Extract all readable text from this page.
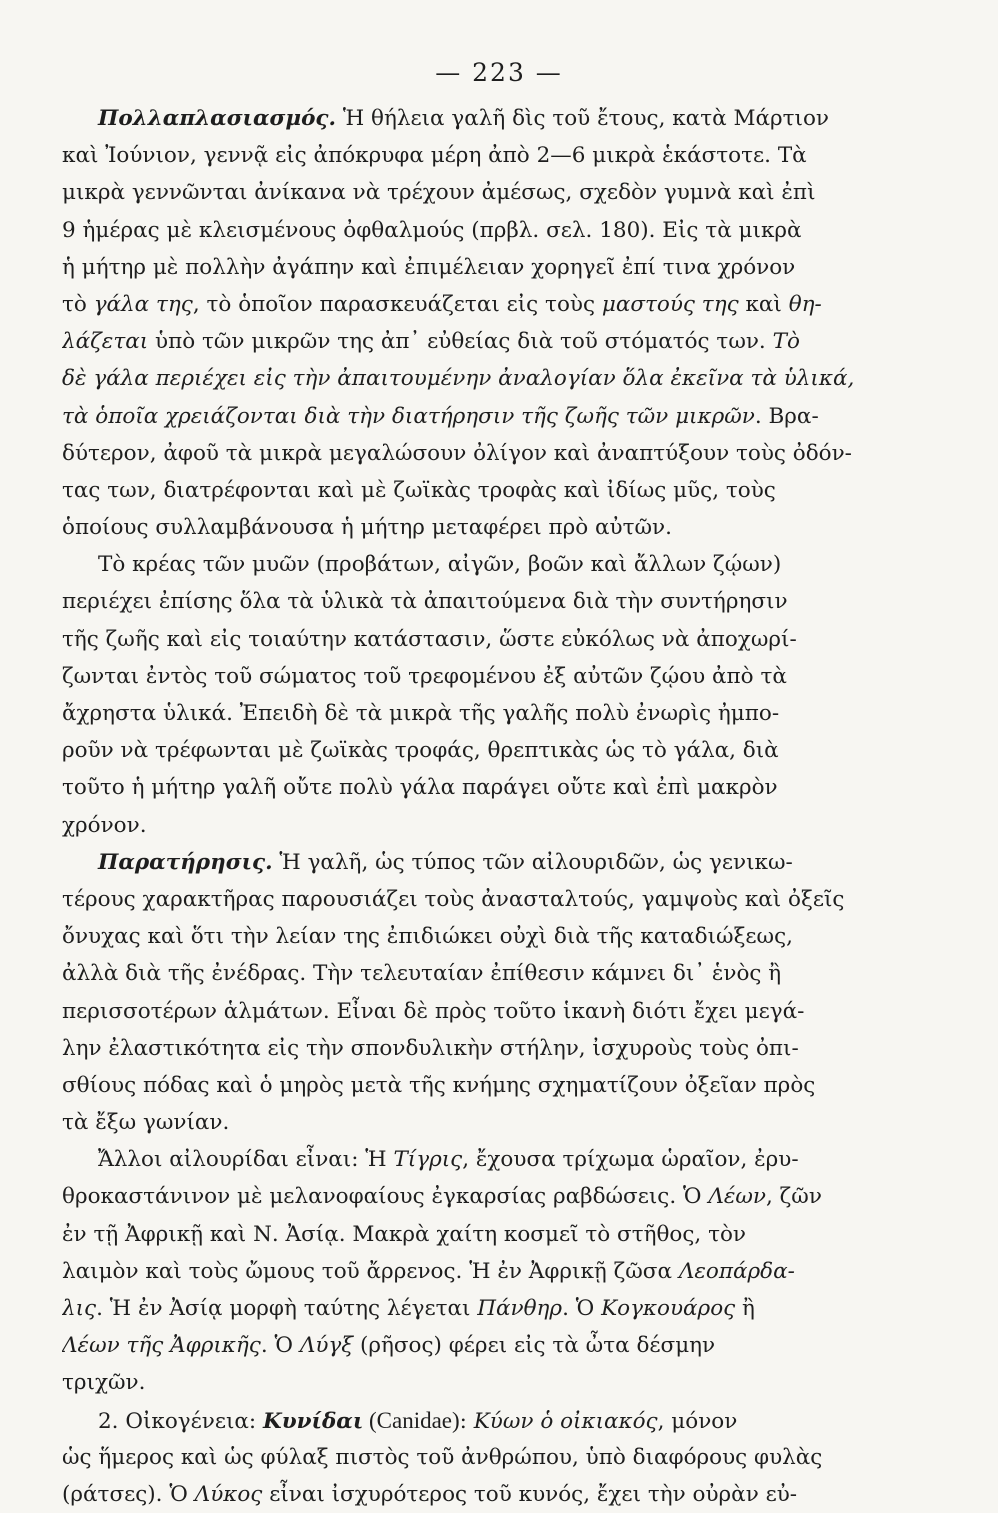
— 223 —
Πολλαπλασιασμός. Ἡ θήλεια γαλῆ δὶς τοῦ ἔτους, κατὰ Μάρτιον
καὶ Ἰούνιον, γεννᾷ εἰς ἀπόκρυφα μέρη ἀπὸ 2—6 μικρὰ ἑκάστοτε. Τὰ
μικρὰ γεννῶνται ἀνίκανα νὰ τρέχουν ἀμέσως, σχεδὸν γυμνὰ καὶ ἐπὶ
9 ἡμέρας μὲ κλεισμένους ὀφθαλμούς (πρβλ. σελ. 180). Εἰς τὰ μικρὰ
ἡ μήτηρ μὲ πολλὴν ἀγάπην καὶ ἐπιμέλειαν χορηγεῖ ἐπί τινα χρόνον
τὸ γάλα της, τὸ ὁποῖον παρασκευάζεται εἰς τοὺς μαστούς της καὶ θη-
λάζεται ὑπὸ τῶν μικρῶν της ἀπ᾽ εὐθείας διὰ τοῦ στόματός των. Τὸ
δὲ γάλα περιέχει εἰς τὴν ἀπαιτουμένην ἀναλογίαν ὅλα ἐκεῖνα τὰ ὑλικά,
τὰ ὁποῖα χρειάζονται διὰ τὴν διατήρησιν τῆς ζωῆς τῶν μικρῶν. Βρα-
δύτερον, ἀφοῦ τὰ μικρὰ μεγαλώσουν ὀλίγον καὶ ἀναπτύξουν τοὺς ὀδόν-
τας των, διατρέφονται καὶ μὲ ζωϊκὰς τροφὰς καὶ ἰδίως μῦς, τοὺς
ὁποίους συλλαμβάνουσα ἡ μήτηρ μεταφέρει πρὸ αὐτῶν.
Τὸ κρέας τῶν μυῶν (προβάτων, αἰγῶν, βοῶν καὶ ἄλλων ζῴων)
περιέχει ἐπίσης ὅλα τὰ ὑλικὰ τὰ ἀπαιτούμενα διὰ τὴν συντήρησιν
τῆς ζωῆς καὶ εἰς τοιαύτην κατάστασιν, ὥστε εὐκόλως νὰ ἀποχωρί-
ζωνται ἐντὸς τοῦ σώματος τοῦ τρεφομένου ἐξ αὐτῶν ζῴου ἀπὸ τὰ
ἄχρηστα ὑλικά. Ἐπειδὴ δὲ τὰ μικρὰ τῆς γαλῆς πολὺ ἐνωρὶς ἠμπο-
ροῦν νὰ τρέφωνται μὲ ζωϊκὰς τροφάς, θρεπτικὰς ὡς τὸ γάλα, διὰ
τοῦτο ἡ μήτηρ γαλῆ οὔτε πολὺ γάλα παράγει οὔτε καὶ ἐπὶ μακρὸν
χρόνον.
Παρατήρησις. Ἡ γαλῆ, ὡς τύπος τῶν αἰλουριδῶν, ὡς γενικω-
τέρους χαρακτῆρας παρουσιάζει τοὺς ἀνασταλτούς, γαμψοὺς καὶ ὀξεῖς
ὄνυχας καὶ ὅτι τὴν λείαν της ἐπιδιώκει οὐχὶ διὰ τῆς καταδιώξεως,
ἀλλὰ διὰ τῆς ἐνέδρας. Τὴν τελευταίαν ἐπίθεσιν κάμνει δι᾽ ἑνὸς ἢ
περισσοτέρων ἁλμάτων. Εἶναι δὲ πρὸς τοῦτο ἱκανὴ διότι ἔχει μεγά-
λην ἐλαστικότητα εἰς τὴν σπονδυλικὴν στήλην, ἰσχυροὺς τοὺς ὀπι-
σθίους πόδας καὶ ὁ μηρὸς μετὰ τῆς κνήμης σχηματίζουν ὀξεῖαν πρὸς
τὰ ἔξω γωνίαν.
Ἄλλοι αἰλουρίδαι εἶναι: Ἡ Τίγρις, ἔχουσα τρίχωμα ὡραῖον, ἐρυ-
θροκαστάνινον μὲ μελανοφαίους ἐγκαρσίας ραβδώσεις. Ὁ Λέων, ζῶν
ἐν τῇ Ἀφρικῇ καὶ Ν. Ἀσίᾳ. Μακρὰ χαίτη κοσμεῖ τὸ στῆθος, τὸν
λαιμὸν καὶ τοὺς ὤμους τοῦ ἄρρενος. Ἡ ἐν Ἀφρικῇ ζῶσα Λεοπάρδα-
λις. Ἡ ἐν Ἀσίᾳ μορφὴ ταύτης λέγεται Πάνθηρ. Ὁ Κογκουάρος ἢ
Λέων τῆς Ἀφρικῆς. Ὁ Λύγξ (ρῆσος) φέρει εἰς τὰ ὦτα δέσμην
τριχῶν.
2. Οἰκογένεια: Κυνίδαι (Canidae): Κύων ὁ οἰκιακός, μόνον
ὡς ἥμερος καὶ ὡς φύλαξ πιστὸς τοῦ ἀνθρώπου, ὑπὸ διαφόρους φυλὰς
(ράτσες). Ὁ Λύκος εἶναι ἰσχυρότερος τοῦ κυνός, ἔχει τὴν οὐρὰν εὐ-
